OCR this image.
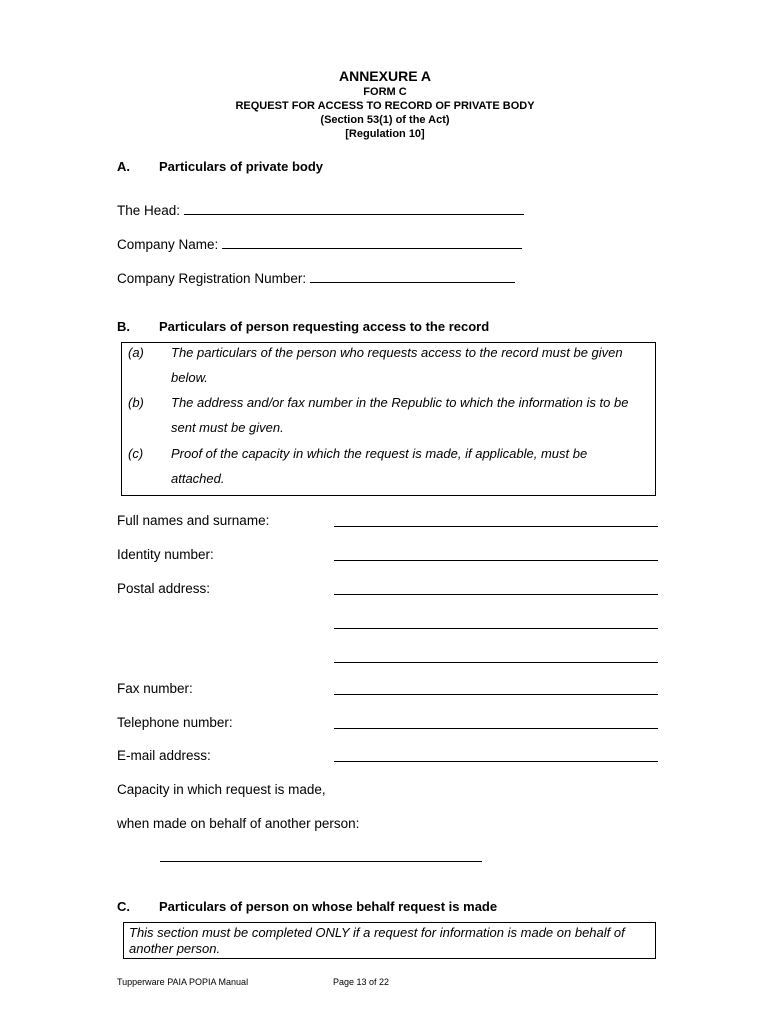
ANNEXURE A
FORM C
REQUEST FOR ACCESS TO RECORD OF PRIVATE BODY
(Section 53(1) of the Act)
[Regulation 10]
A. Particulars of private body
The Head:
Company Name:
Company Registration Number:
B. Particulars of person requesting access to the record
(a) The particulars of the person who requests access to the record must be given below.
(b) The address and/or fax number in the Republic to which the information is to be sent must be given.
(c) Proof of the capacity in which the request is made, if applicable, must be attached.
Full names and surname:
Identity number:
Postal address:
Fax number:
Telephone number:
E-mail address:
Capacity in which request is made,
when made on behalf of another person:
C. Particulars of person on whose behalf request is made
This section must be completed ONLY if a request for information is made on behalf of another person.
Tupperware PAIA POPIA Manual	Page 13 of 22
